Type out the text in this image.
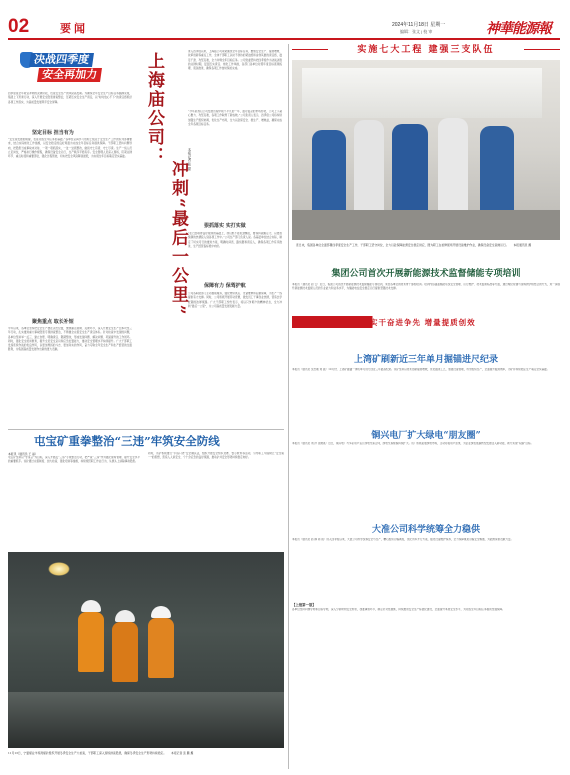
02	要闻	2024年11月18日 星期一
编辑：张文 | 校 审	神華能源報
决战四季度
安全再加力
四季度是全年收官冲刺的关键阶段，也是安全生产的风险高发期。为确保全年安全生产目标任务圆满完成，集团上下迅速行动，深入开展安全隐患排查整治，压紧压实安全生产责任，以“时时放心不下”的责任感抓好各项工作落实，为高质量发展筑牢安全屏障。
坚定目标 担当有为
“安全是发展的前提，也是完成全年任务的基础。”各单位认真学习贯彻上级关于安全生产工作的系列部署要求，结合实际细化工作措施，以安全稳定的良好局面为完成全年目标任务提供保障。干部职工坚持问题导向，把隐患当成事故来对待，一项一项抓落实，一处一处抓整改，做到守土有责、守土尽责。生产一线人员立足岗位，严格执行操作规程，确保设备安全运行，生产秩序平稳有序。安全管理人员深入现场，盯紧关键环节、重点时段和重要部位，强化过程管控，切实把安全风险降到最低，为实现全年目标奠定坚实基础。
聚焦重点 取长补短
今年以来，各单位坚持把安全生产摆在突出位置，聚焦重点领域、关键环节，深入开展安全生产治本攻坚三年行动，扎实推进重大事故隐患专项排查整治，不断健全完善安全生产责任体系。针对检查中发现的问题，各单位坚持举一反三、建立台账、明确责任、限期整改，形成发现问题、解决问题、巩固提升的工作闭环。同时，强化安全培训教育，提升全员安全意识和应急处置能力，推动安全管理水平持续提升。广大干部职工发扬连续作战的优良作风，以更加昂扬的斗志、更加务实的作风，奋力夺取全年安全生产和生产经营的全面胜利，为集团高质量发展作出新的更大贡献。
上海庙公司：
冲刺“最后一公里”
本报记者 张 甜
进入四季度以来，上海庙公司紧紧围绕全年目标任务，聚焦安全生产、提质增效、改革创新等重点工作，全体干部职工以时不我待的紧迫感和舍我其谁的责任感，鼓足干劲、攻坚克难，全力冲刺全年目标任务。公司党委坚持把四季度作为决战决胜的关键时期，层层压实责任、细化工作举措，各部门各单位对照年度目标逐项梳理、逐条推进，确保各项工作按时保质完成。
“今年是我们公司发展历程中极不平凡的一年，面对复杂的市场形势，公司上下凝心聚力、攻坚克难，各项工作取得了新成效。”公司负责人表示，四季度公司将持续加强生产组织协调，优化生产布局，全力以赴保安全、稳生产、增效益，确保完成全年各项目标任务。
狠抓落实 实打实做
“在已经取得良好成绩的基础上，我们绝不能松劲懈怠，要保持战略定力，以更加饱满的热情投入到各项工作中。”公司生产部门负责人说。各基层单位结合实际，制定了切实可行的推进方案，明确时间表、路线图和责任人，确保各项工作有序推进，生产经营指标稳中向好。
保障有力 保驾护航
公司各职能部门主动靠前服务，强化物资供应、设备维修和后勤保障，为生产一线提供有力支撑。同时，公司积极开展劳动竞赛，激发员工干事创业热情，营造比学赶超的浓厚氛围。广大干部职工纷纷表示，将以只争朝夕的精神状态，全力冲刺“最后一公里”，为公司高质量发展贡献力量。
屯宝矿重拳整治“三违”牢筑安全防线
本报讯（通讯员 王 丽）
屯宝矿坚持以“零违章”为目标，深入开展反“三违”专项整治行动，把严查“三违”作为强化现场管理、提升安全水平的重要抓手。该矿通过完善制度、加大检查、强化培训等措施，持续规范职工作业行为，从源头上消除事故隐患。
同时，该矿积极推行“手指口述”安全确认法，组织开展安全知识竞赛、警示教育等活动，引导职工牢固树立“安全第一”的思想，营造人人讲安全、个个会应急的良好氛围，推动矿井安全形势持续稳定向好。
11月13日，宁夏煤业羊场湾煤矿组织开展冬季安全生产大检查，干部职工深入现场排查隐患，确保冬季安全生产形势持续稳定。 本报记者 张 鹏 摄
实施七大工程 建强三支队伍
连日来，集团各单位全面部署四季度安全生产工作，干部职工坚守岗位，全力以赴保障能源安全稳定供应，图为职工在检修现场开展设备维护作业，确保设备安全高效运行。 本报通讯员 摄
集团公司首次开展新能源技术监督储能专项培训
本报讯（通讯员 赵 云）近日，集团公司首次开展新能源技术监督储能专项培训，来自各单位的技术骨干参加培训。培训内容涵盖储能系统安全管理、运行维护、技术监督标准等方面，通过理论授课与现场教学相结合的方式，进一步提升新能源技术监督人员的专业能力和业务水平，为储能电站安全稳定运行提供坚强技术支撑。
实干奋进争先 增量提质创效
上湾矿刷新近三年单月掘锚进尺纪录
本报讯（通讯员 吴志刚 刘 振）10月份，上湾矿掘锚一体机单月进尺创近三年最高纪录。该矿坚持以技术创新提质增效，优化掘进工艺，加强设备管理，科学组织生产，全面提升掘进效率，为矿井持续稳定生产奠定坚实基础。
铜兴电厂扩大绿电“朋友圈”
本报讯（通讯员 刘 洋 张晓燕）近日，铜兴电厂与多家用户签订绿电交易合同，绿电交易规模持续扩大。该厂积极拓展绿电市场，主动对接用户需求，为企业绿色低碳转型发展注入新动能，助力实现“双碳”目标。
大准公司科学统筹全力稳供
本报讯（通讯员 赵 静 郭 锐）进入四季度以来，大准公司科学统筹安全与生产，精心组织运输调度，优化列车开行方案，强化设备维护保养，全力保障煤炭运输安全畅通，为能源保供贡献力量。
【上接第一版】
各单位坚持问题导向和目标导向，深入分析研判安全形势，找准薄弱环节，制定针对性措施，持续推进安全生产标准化建设，全面提升本质安全水平，为完成全年目标任务提供坚强保障。
